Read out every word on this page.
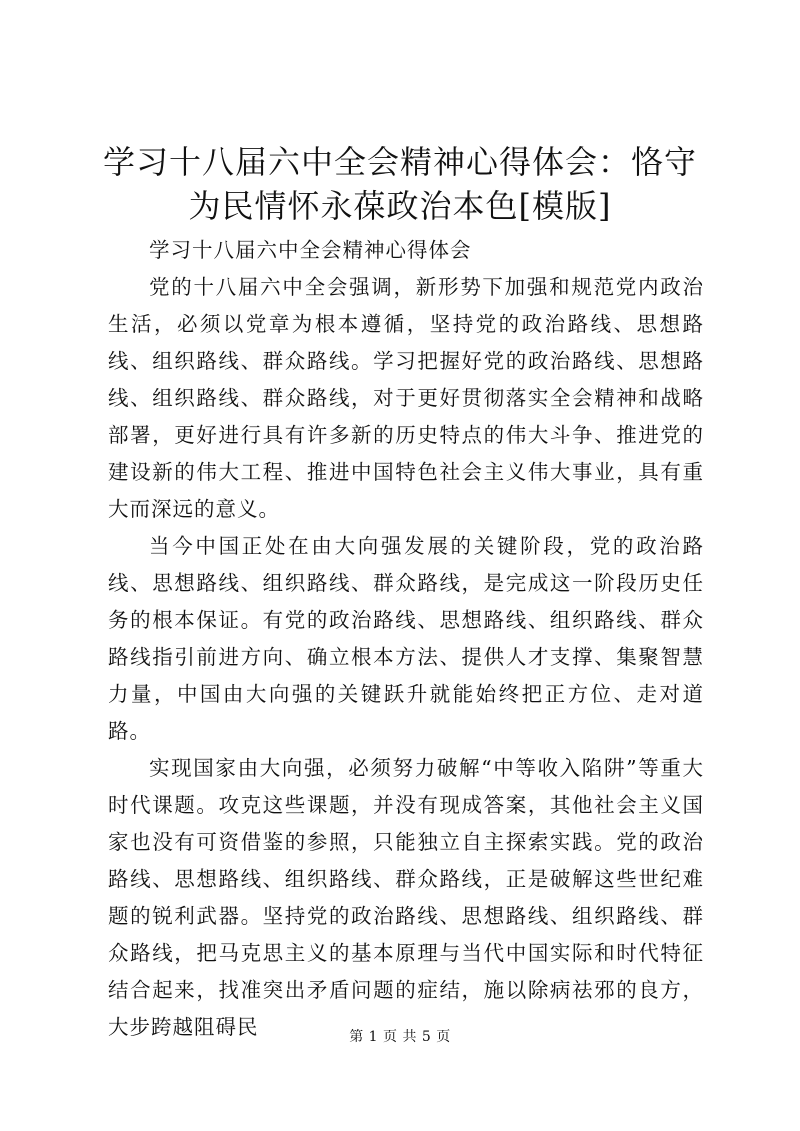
学习十八届六中全会精神心得体会：恪守为民情怀永葆政治本色[模版]

学习十八届六中全会精神心得体会

党的十八届六中全会强调，新形势下加强和规范党内政治生活，必须以党章为根本遵循，坚持党的政治路线、思想路线、组织路线、群众路线。学习把握好党的政治路线、思想路线、组织路线、群众路线，对于更好贯彻落实全会精神和战略部署，更好进行具有许多新的历史特点的伟大斗争、推进党的建设新的伟大工程、推进中国特色社会主义伟大事业，具有重大而深远的意义。

当今中国正处在由大向强发展的关键阶段，党的政治路线、思想路线、组织路线、群众路线，是完成这一阶段历史任务的根本保证。有党的政治路线、思想路线、组织路线、群众路线指引前进方向、确立根本方法、提供人才支撑、集聚智慧力量，中国由大向强的关键跃升就能始终把正方位、走对道路。

实现国家由大向强，必须努力破解“中等收入陷阱”等重大时代课题。攻克这些课题，并没有现成答案，其他社会主义国家也没有可资借鉴的参照，只能独立自主探索实践。党的政治路线、思想路线、组织路线、群众路线，正是破解这些世纪难题的锐利武器。坚持党的政治路线、思想路线、组织路线、群众路线，把马克思主义的基本原理与当代中国实际和时代特征结合起来，找准突出矛盾问题的症结，施以除病祛邪的良方，大步跨越阻碍民	第 1 页 共 5 页
